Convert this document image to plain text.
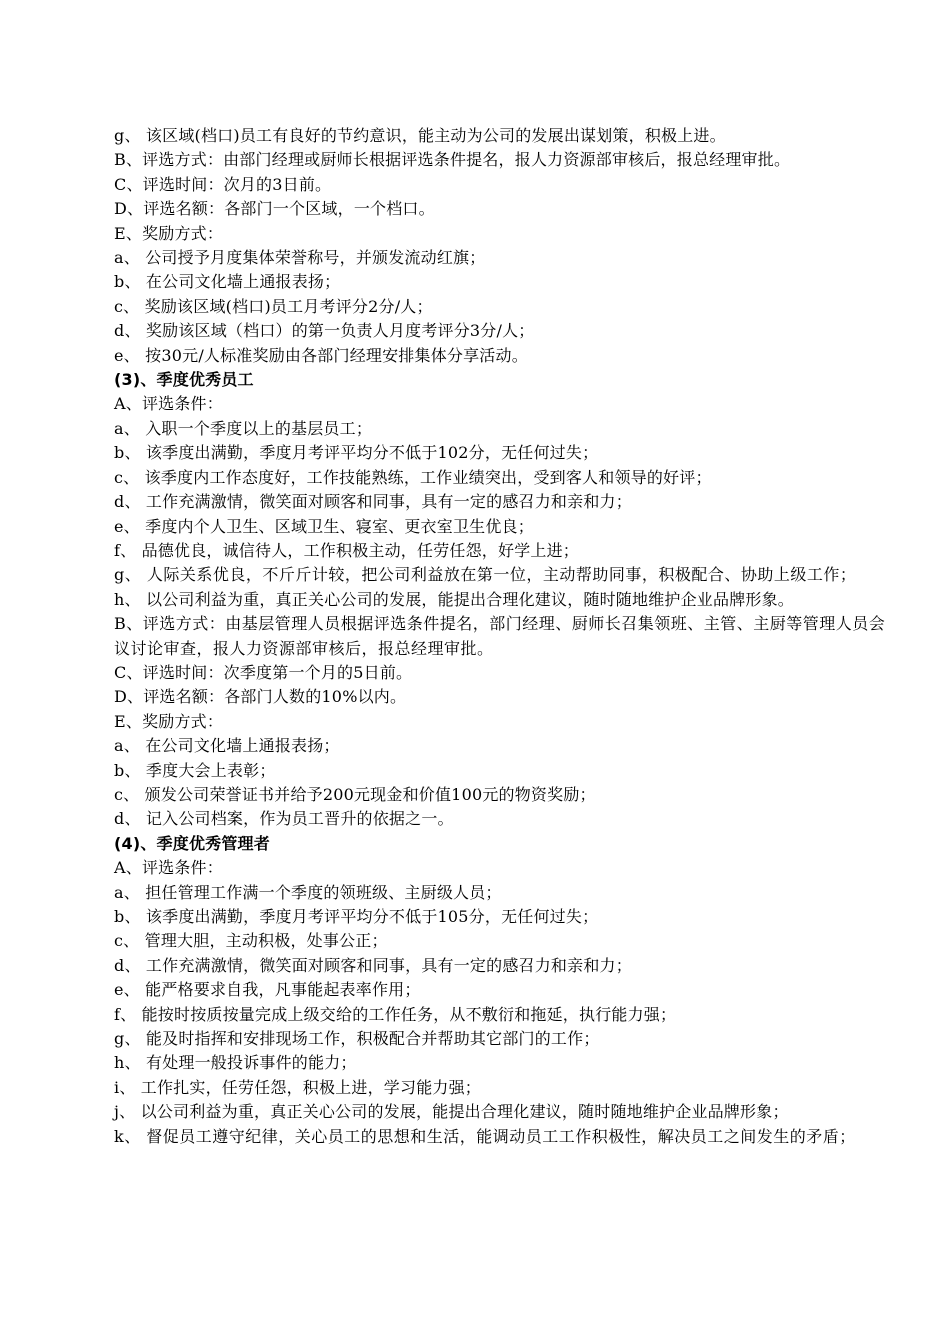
g、 该区域(档口)员工有良好的节约意识，能主动为公司的发展出谋划策，积极上进。
B、评选方式：由部门经理或厨师长根据评选条件提名，报人力资源部审核后，报总经理审批。
C、评选时间：次月的3日前。
D、评选名额：各部门一个区域，一个档口。
E、奖励方式：
a、 公司授予月度集体荣誉称号，并颁发流动红旗；
b、 在公司文化墙上通报表扬；
c、 奖励该区域(档口)员工月考评分2分/人；
d、 奖励该区域（档口）的第一负责人月度考评分3分/人；
e、 按30元/人标准奖励由各部门经理安排集体分享活动。
(3)、季度优秀员工
A、评选条件：
a、 入职一个季度以上的基层员工；
b、 该季度出满勤，季度月考评平均分不低于102分，无任何过失；
c、 该季度内工作态度好，工作技能熟练，工作业绩突出，受到客人和领导的好评；
d、 工作充满激情，微笑面对顾客和同事，具有一定的感召力和亲和力；
e、 季度内个人卫生、区域卫生、寝室、更衣室卫生优良；
f、 品德优良，诚信待人，工作积极主动，任劳任怨，好学上进；
g、 人际关系优良，不斤斤计较，把公司利益放在第一位，主动帮助同事，积极配合、协助上级工作；
h、 以公司利益为重，真正关心公司的发展，能提出合理化建议，随时随地维护企业品牌形象。
B、评选方式：由基层管理人员根据评选条件提名，部门经理、厨师长召集领班、主管、主厨等管理人员会议讨论审查，报人力资源部审核后，报总经理审批。
C、评选时间：次季度第一个月的5日前。
D、评选名额：各部门人数的10%以内。
E、奖励方式：
a、 在公司文化墙上通报表扬；
b、 季度大会上表彰；
c、 颁发公司荣誉证书并给予200元现金和价值100元的物资奖励；
d、 记入公司档案，作为员工晋升的依据之一。
(4)、季度优秀管理者
A、评选条件：
a、 担任管理工作满一个季度的领班级、主厨级人员；
b、 该季度出满勤，季度月考评平均分不低于105分，无任何过失；
c、 管理大胆，主动积极，处事公正；
d、 工作充满激情，微笑面对顾客和同事，具有一定的感召力和亲和力；
e、 能严格要求自我，凡事能起表率作用；
f、 能按时按质按量完成上级交给的工作任务，从不敷衍和拖延，执行能力强；
g、 能及时指挥和安排现场工作，积极配合并帮助其它部门的工作；
h、 有处理一般投诉事件的能力；
i、 工作扎实，任劳任怨，积极上进，学习能力强；
j、 以公司利益为重，真正关心公司的发展，能提出合理化建议，随时随地维护企业品牌形象；
k、 督促员工遵守纪律，关心员工的思想和生活，能调动员工工作积极性，解决员工之间发生的矛盾；
